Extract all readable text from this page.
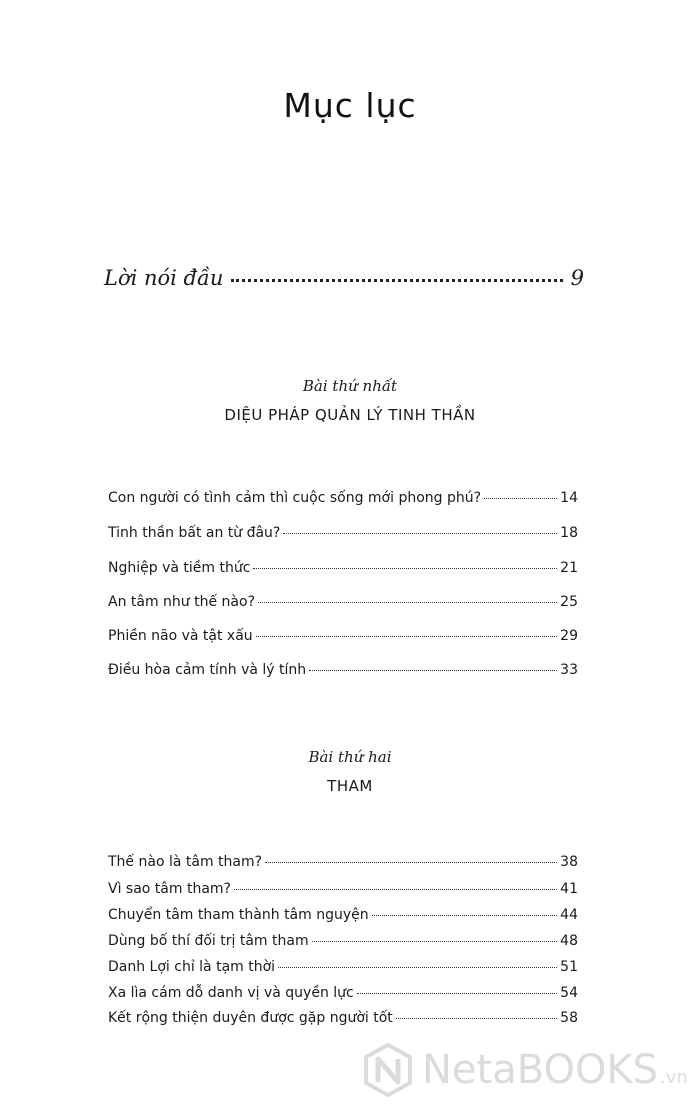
Mục lục
Lời nói đầu	9
Bài thứ nhất
DIỆU PHÁP QUẢN LÝ TINH THẦN
Con người có tình cảm thì cuộc sống mới phong phú?	14
Tinh thần bất an từ đâu?	18
Nghiệp và tiềm thức	21
An tâm như thế nào?	25
Phiền não và tật xấu	29
Điều hòa cảm tính và lý tính	33
Bài thứ hai
THAM
Thế nào là tâm tham?	38
Vì sao tâm tham?	41
Chuyển tâm tham thành tâm nguyện	44
Dùng bố thí đối trị tâm tham	48
Danh Lợi chỉ là tạm thời	51
Xa lìa cám dỗ danh vị và quyền lực	54
Kết rộng thiện duyên được gặp người tốt	58
NetaBOOKS .vn
